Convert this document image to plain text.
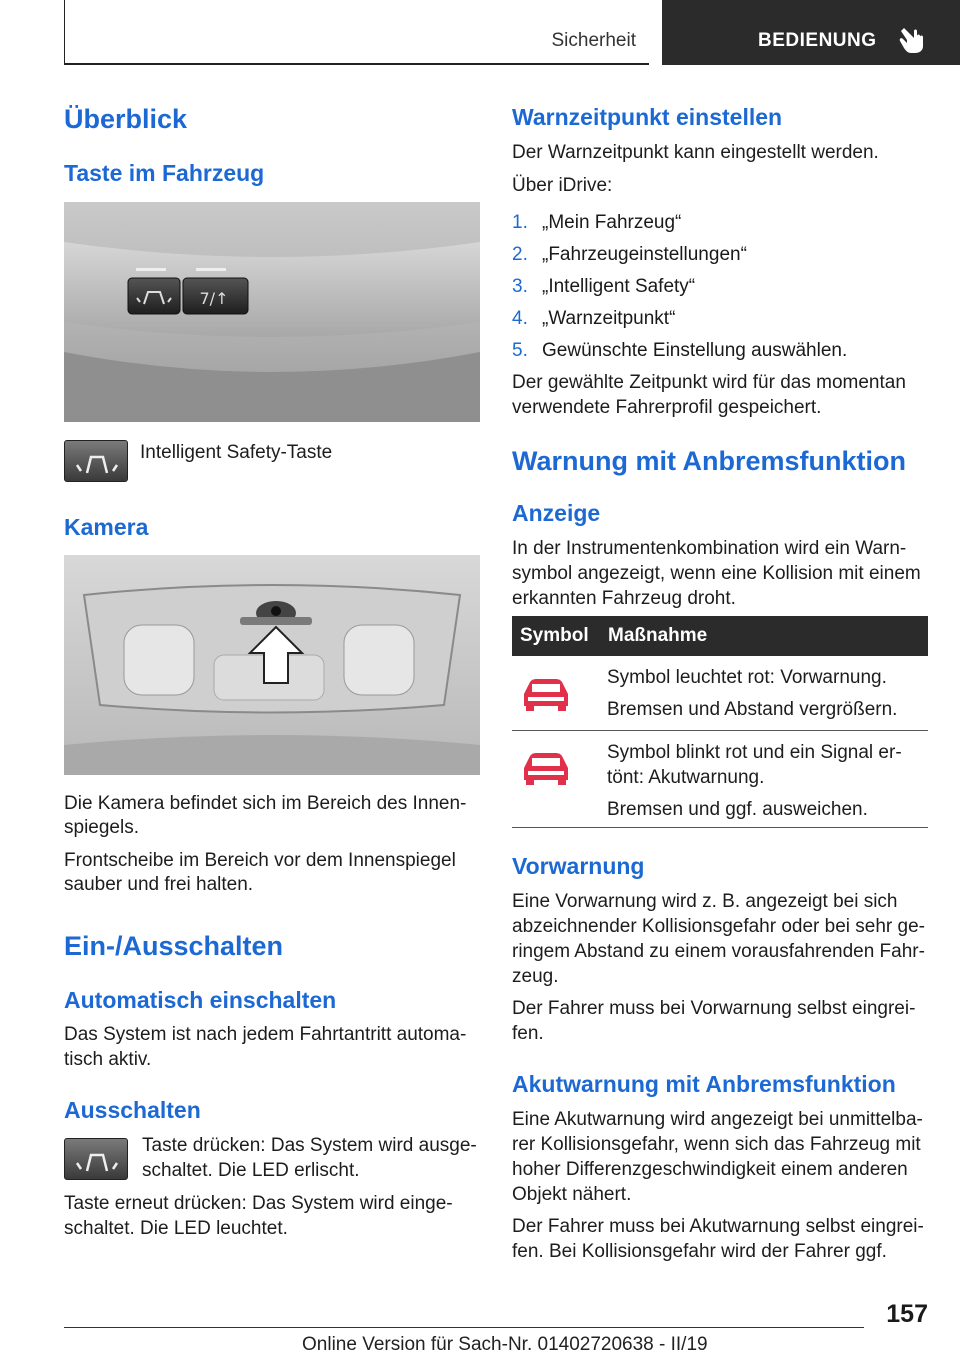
Sicherheit	BEDIENUNG
Überblick
Taste im Fahrzeug
7/↑
Intelligent Safety-Taste
Kamera
Die Kamera befindet sich im Bereich des Innen-
spiegels.
Frontscheibe im Bereich vor dem Innenspiegel
sauber und frei halten.
Ein-/Ausschalten
Automatisch einschalten
Das System ist nach jedem Fahrtantritt automa-
tisch aktiv.
Ausschalten
Taste drücken: Das System wird ausge-
schaltet. Die LED erlischt.
Taste erneut drücken: Das System wird einge-
schaltet. Die LED leuchtet.
Warnzeitpunkt einstellen
Der Warnzeitpunkt kann eingestellt werden.
Über iDrive:
1. „Mein Fahrzeug“
2. „Fahrzeugeinstellungen“
3. „Intelligent Safety“
4. „Warnzeitpunkt“
5. Gewünschte Einstellung auswählen.
Der gewählte Zeitpunkt wird für das momentan
verwendete Fahrerprofil gespeichert.
Warnung mit Anbremsfunktion
Anzeige
In der Instrumentenkombination wird ein Warn-
symbol angezeigt, wenn eine Kollision mit einem
erkannten Fahrzeug droht.
Symbol Maßnahme
Symbol leuchtet rot: Vorwarnung.
Bremsen und Abstand vergrößern.
Symbol blinkt rot und ein Signal er-
tönt: Akutwarnung.
Bremsen und ggf. ausweichen.
Vorwarnung
Eine Vorwarnung wird z. B. angezeigt bei sich
abzeichnender Kollisionsgefahr oder bei sehr ge-
ringem Abstand zu einem vorausfahrenden Fahr-
zeug.
Der Fahrer muss bei Vorwarnung selbst eingrei-
fen.
Akutwarnung mit Anbremsfunktion
Eine Akutwarnung wird angezeigt bei unmittelba-
rer Kollisionsgefahr, wenn sich das Fahrzeug mit
hoher Differenzgeschwindigkeit einem anderen
Objekt nähert.
Der Fahrer muss bei Akutwarnung selbst eingrei-
fen. Bei Kollisionsgefahr wird der Fahrer ggf.
157
Online Version für Sach-Nr. 01402720638 - II/19
